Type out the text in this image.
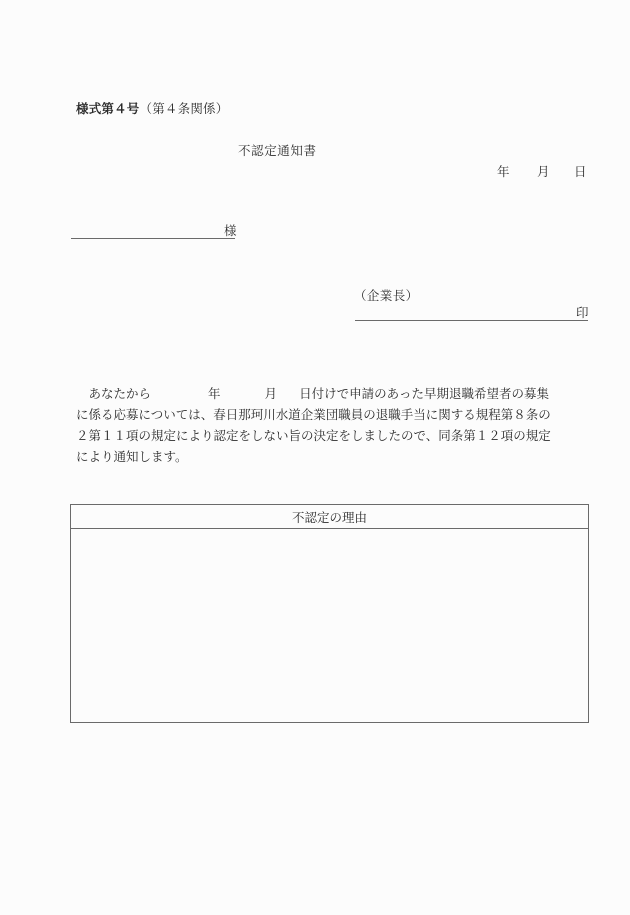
様式第４号（第４条関係）
不認定通知書
年	月	日
様
（企業長）
印
　あなたから	年	月 日付けで申請のあった早期退職希望者の募集
に係る応募については、春日那珂川水道企業団職員の退職手当に関する規程第８条の
２第１１項の規定により認定をしない旨の決定をしましたので、同条第１２項の規定
により通知します。
不認定の理由
